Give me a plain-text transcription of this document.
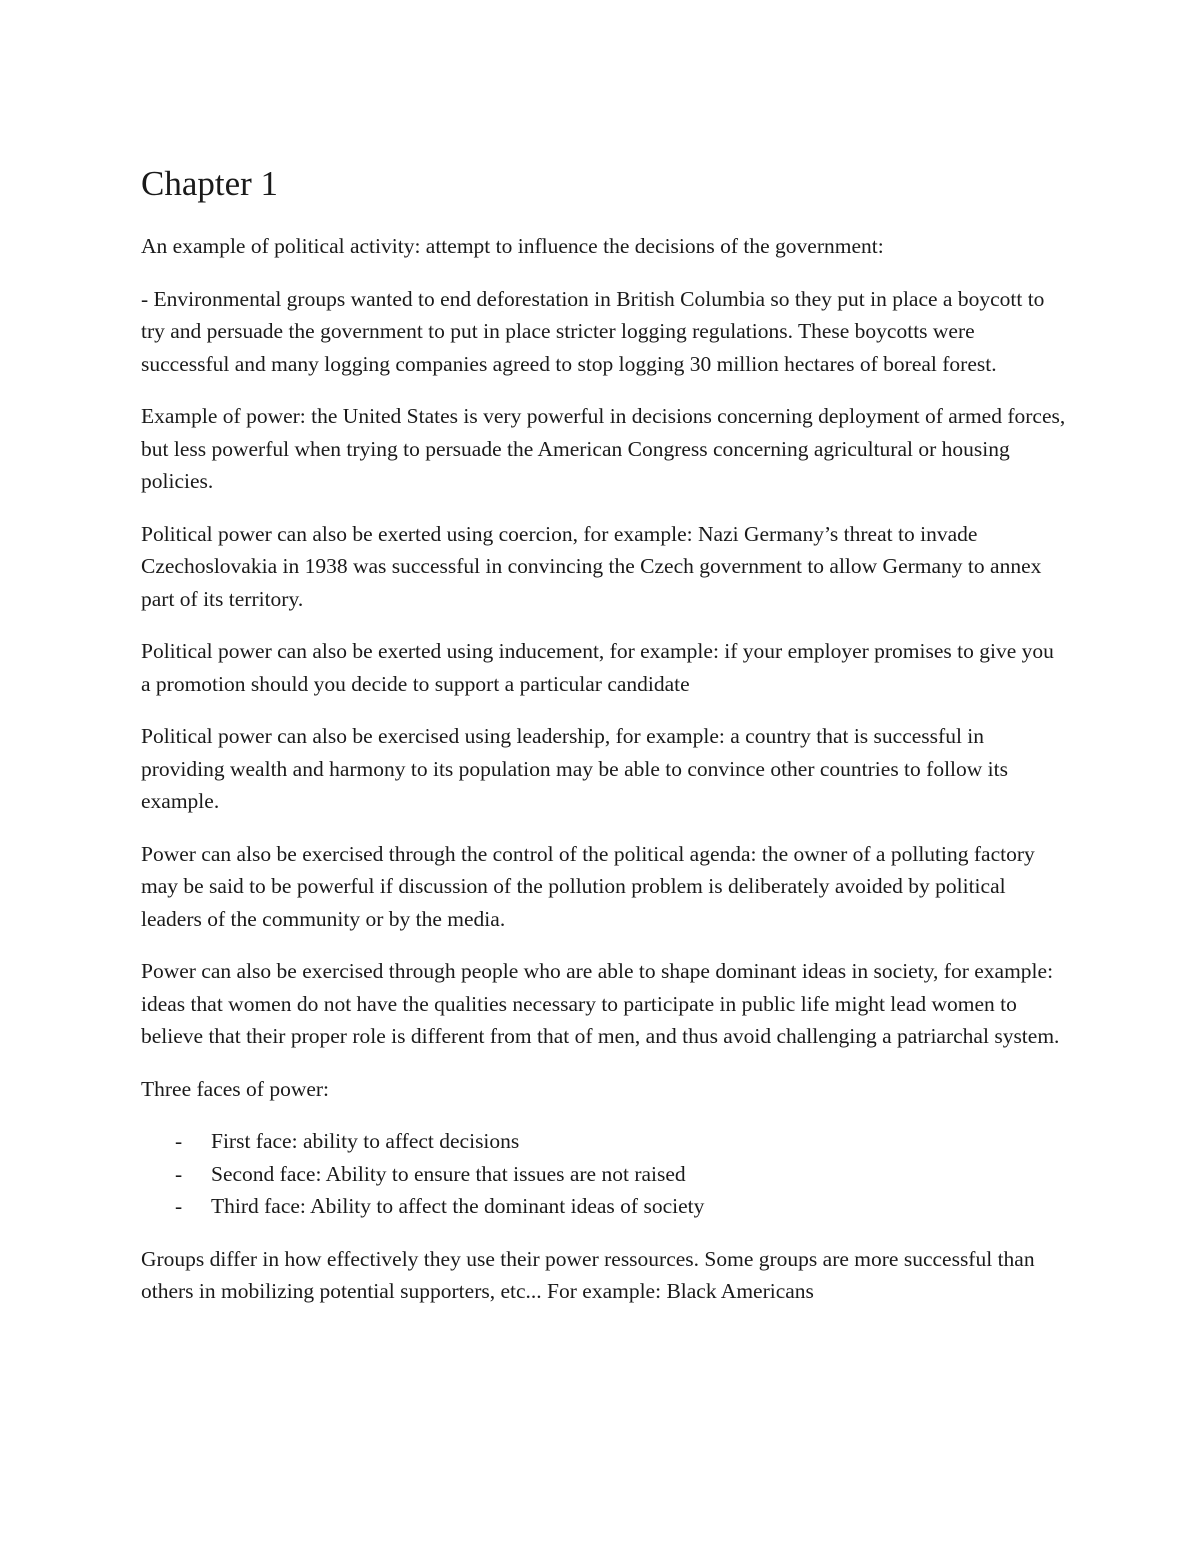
Chapter 1

An example of political activity: attempt to influence the decisions of the government:

- Environmental groups wanted to end deforestation in British Columbia so they put in place a boycott to try and persuade the government to put in place stricter logging regulations. These boycotts were successful and many logging companies agreed to stop logging 30 million hectares of boreal forest.

Example of power: the United States is very powerful in decisions concerning deployment of armed forces, but less powerful when trying to persuade the American Congress concerning agricultural or housing policies.

Political power can also be exerted using coercion, for example: Nazi Germany’s threat to invade Czechoslovakia in 1938 was successful in convincing the Czech government to allow Germany to annex part of its territory.

Political power can also be exerted using inducement, for example: if your employer promises to give you a promotion should you decide to support a particular candidate

Political power can also be exercised using leadership, for example: a country that is successful in providing wealth and harmony to its population may be able to convince other countries to follow its example.

Power can also be exercised through the control of the political agenda: the owner of a polluting factory may be said to be powerful if discussion of the pollution problem is deliberately avoided by political leaders of the community or by the media.

Power can also be exercised through people who are able to shape dominant ideas in society, for example: ideas that women do not have the qualities necessary to participate in public life might lead women to believe that their proper role is different from that of men, and thus avoid challenging a patriarchal system.

Three faces of power:

- First face: ability to affect decisions
- Second face: Ability to ensure that issues are not raised
- Third face: Ability to affect the dominant ideas of society

Groups differ in how effectively they use their power ressources. Some groups are more successful than others in mobilizing potential supporters, etc... For example: Black Americans
